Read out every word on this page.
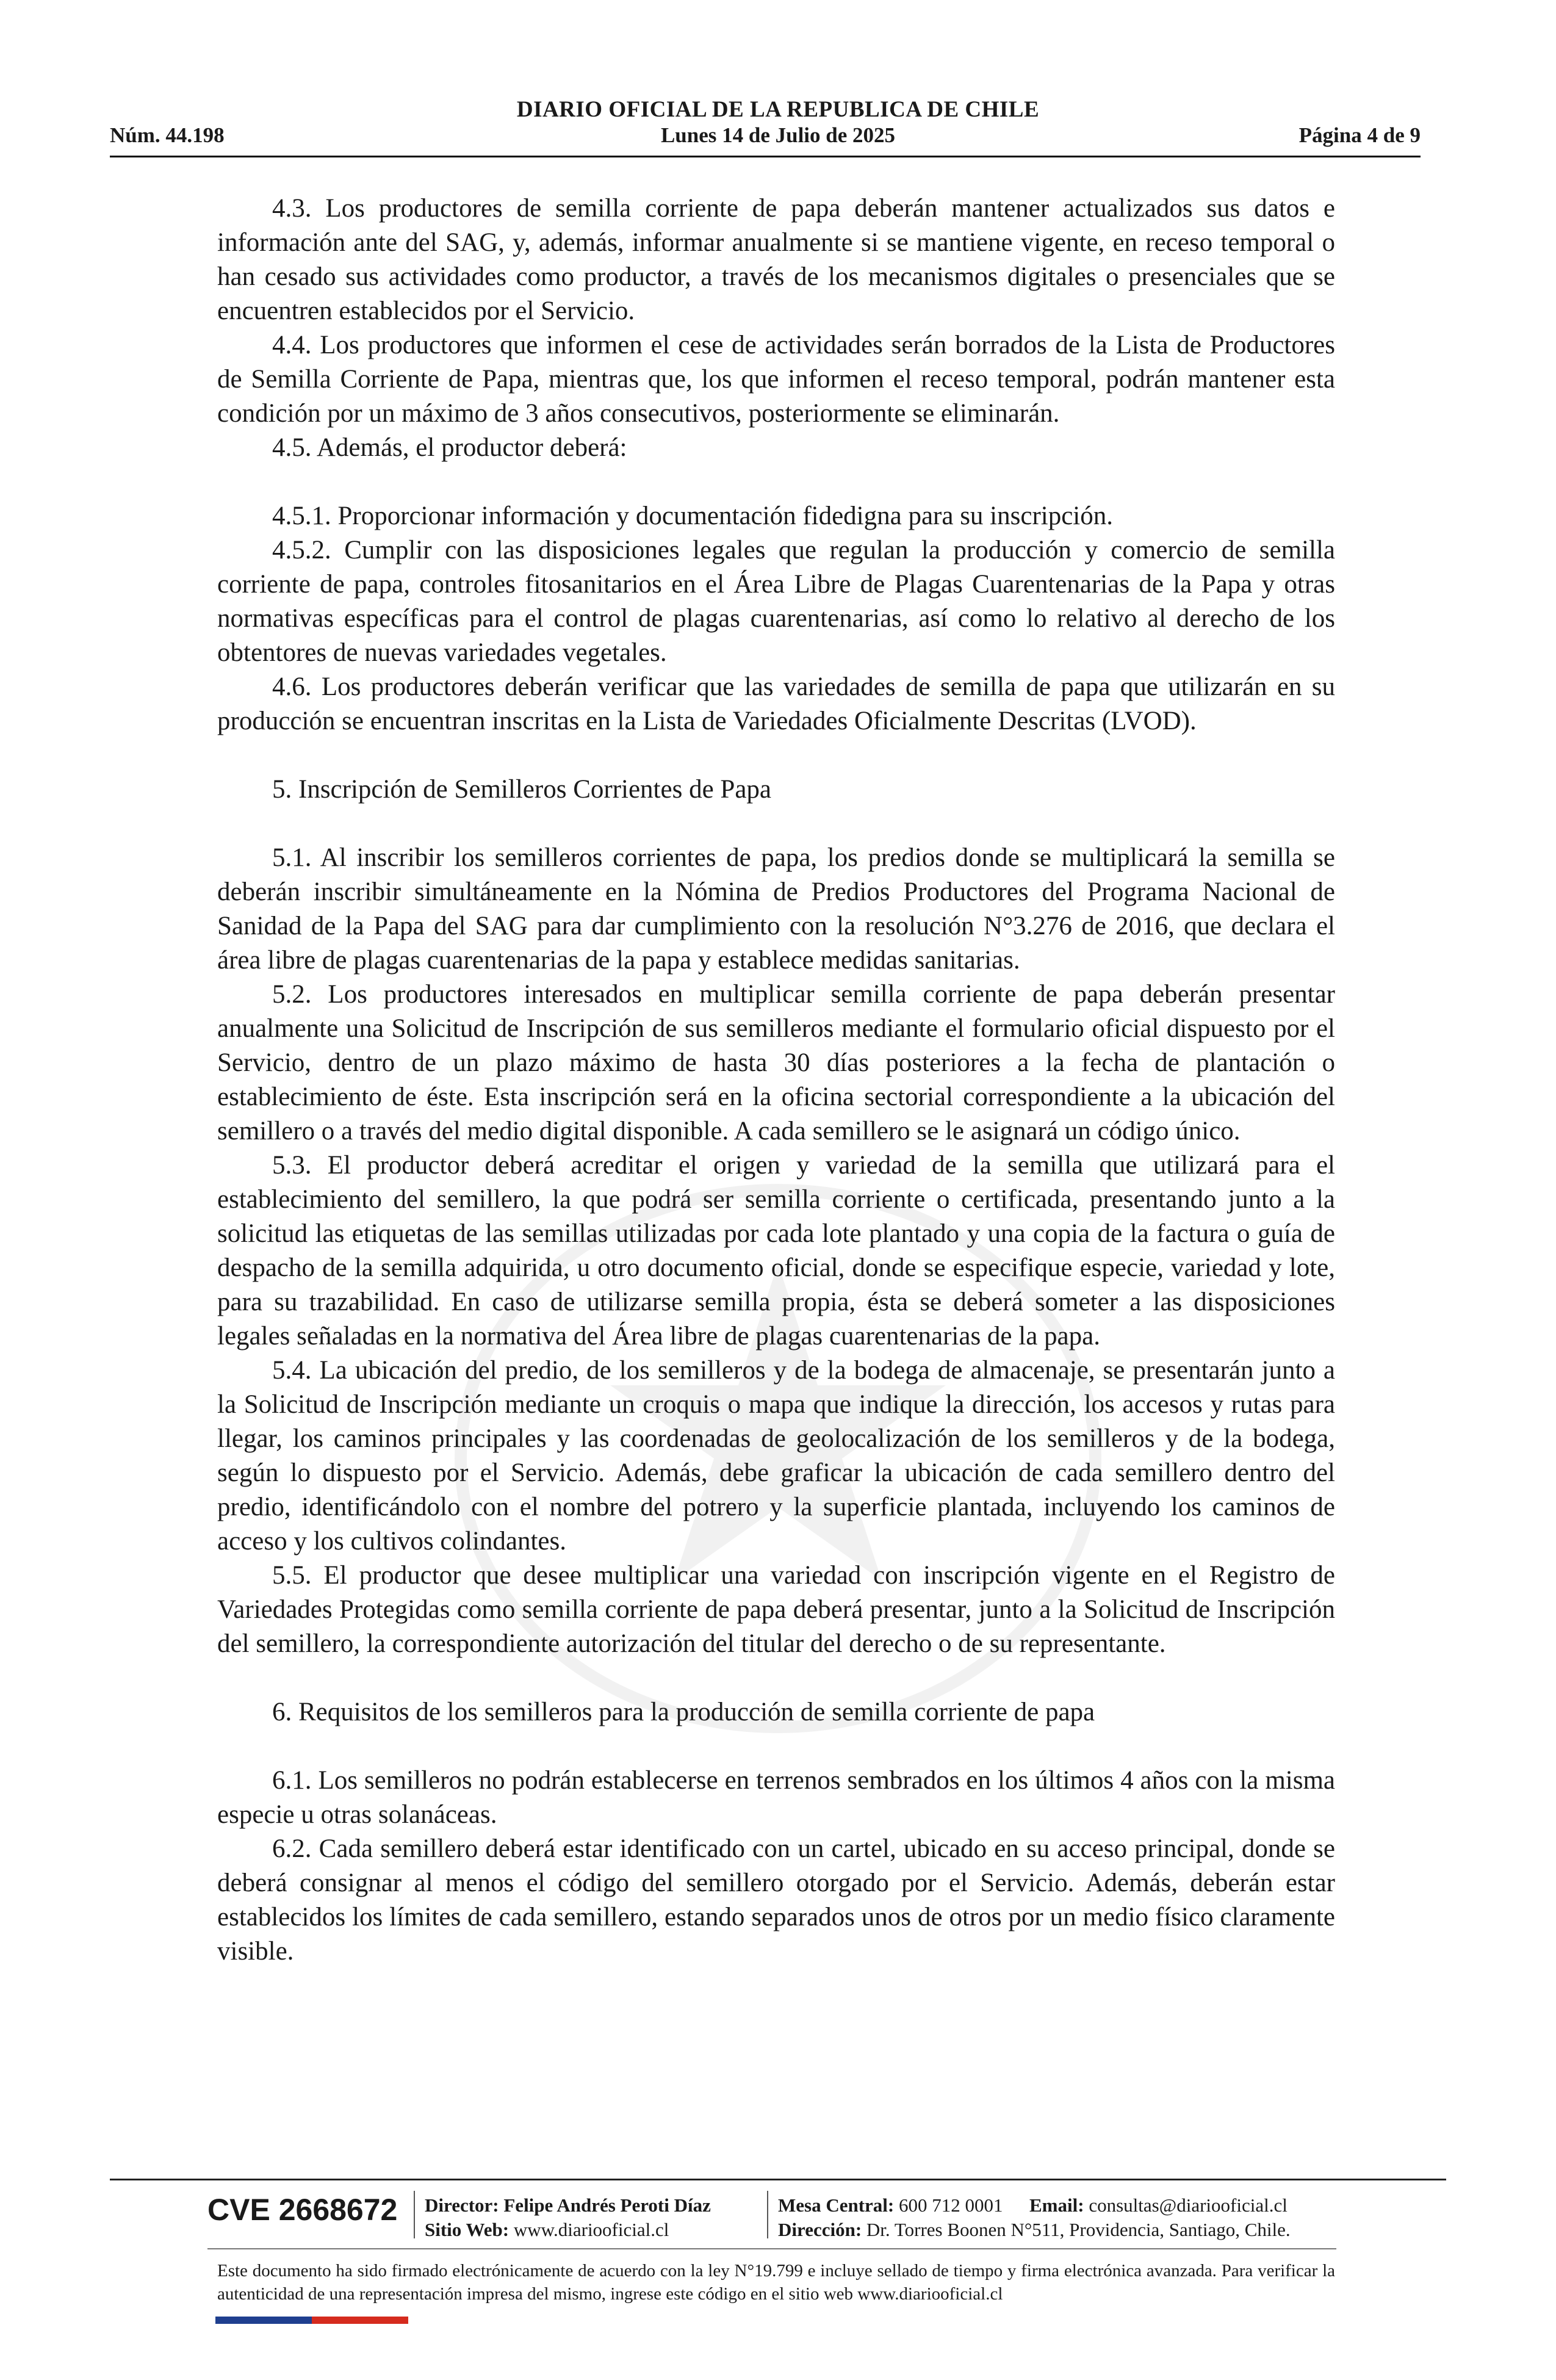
DIARIO OFICIAL DE LA REPUBLICA DE CHILE
Núm. 44.198	Lunes 14 de Julio de 2025	Página 4 de 9

4.3. Los productores de semilla corriente de papa deberán mantener actualizados sus datos e información ante del SAG, y, además, informar anualmente si se mantiene vigente, en receso temporal o han cesado sus actividades como productor, a través de los mecanismos digitales o presenciales que se encuentren establecidos por el Servicio.

4.4. Los productores que informen el cese de actividades serán borrados de la Lista de Productores de Semilla Corriente de Papa, mientras que, los que informen el receso temporal, podrán mantener esta condición por un máximo de 3 años consecutivos, posteriormente se eliminarán.

4.5. Además, el productor deberá:

4.5.1. Proporcionar información y documentación fidedigna para su inscripción.

4.5.2. Cumplir con las disposiciones legales que regulan la producción y comercio de semilla corriente de papa, controles fitosanitarios en el Área Libre de Plagas Cuarentenarias de la Papa y otras normativas específicas para el control de plagas cuarentenarias, así como lo relativo al derecho de los obtentores de nuevas variedades vegetales.

4.6. Los productores deberán verificar que las variedades de semilla de papa que utilizarán en su producción se encuentran inscritas en la Lista de Variedades Oficialmente Descritas (LVOD).

5. Inscripción de Semilleros Corrientes de Papa

5.1. Al inscribir los semilleros corrientes de papa, los predios donde se multiplicará la semilla se deberán inscribir simultáneamente en la Nómina de Predios Productores del Programa Nacional de Sanidad de la Papa del SAG para dar cumplimiento con la resolución N°3.276 de 2016, que declara el área libre de plagas cuarentenarias de la papa y establece medidas sanitarias.

5.2. Los productores interesados en multiplicar semilla corriente de papa deberán presentar anualmente una Solicitud de Inscripción de sus semilleros mediante el formulario oficial dispuesto por el Servicio, dentro de un plazo máximo de hasta 30 días posteriores a la fecha de plantación o establecimiento de éste. Esta inscripción será en la oficina sectorial correspondiente a la ubicación del semillero o a través del medio digital disponible. A cada semillero se le asignará un código único.

5.3. El productor deberá acreditar el origen y variedad de la semilla que utilizará para el establecimiento del semillero, la que podrá ser semilla corriente o certificada, presentando junto a la solicitud las etiquetas de las semillas utilizadas por cada lote plantado y una copia de la factura o guía de despacho de la semilla adquirida, u otro documento oficial, donde se especifique especie, variedad y lote, para su trazabilidad. En caso de utilizarse semilla propia, ésta se deberá someter a las disposiciones legales señaladas en la normativa del Área libre de plagas cuarentenarias de la papa.

5.4. La ubicación del predio, de los semilleros y de la bodega de almacenaje, se presentarán junto a la Solicitud de Inscripción mediante un croquis o mapa que indique la dirección, los accesos y rutas para llegar, los caminos principales y las coordenadas de geolocalización de los semilleros y de la bodega, según lo dispuesto por el Servicio. Además, debe graficar la ubicación de cada semillero dentro del predio, identificándolo con el nombre del potrero y la superficie plantada, incluyendo los caminos de acceso y los cultivos colindantes.

5.5. El productor que desee multiplicar una variedad con inscripción vigente en el Registro de Variedades Protegidas como semilla corriente de papa deberá presentar, junto a la Solicitud de Inscripción del semillero, la correspondiente autorización del titular del derecho o de su representante.

6. Requisitos de los semilleros para la producción de semilla corriente de papa

6.1. Los semilleros no podrán establecerse en terrenos sembrados en los últimos 4 años con la misma especie u otras solanáceas.

6.2. Cada semillero deberá estar identificado con un cartel, ubicado en su acceso principal, donde se deberá consignar al menos el código del semillero otorgado por el Servicio. Además, deberán estar establecidos los límites de cada semillero, estando separados unos de otros por un medio físico claramente visible.

CVE 2668672 Director: Felipe Andrés Peroti Díaz
Sitio Web: www.diariooficial.cl
Mesa Central: 600 712 0001 Email: consultas@diariooficial.cl
Dirección: Dr. Torres Boonen N°511, Providencia, Santiago, Chile.
Este documento ha sido firmado electrónicamente de acuerdo con la ley N°19.799 e incluye sellado de tiempo y firma electrónica avanzada. Para verificar la autenticidad de una representación impresa del mismo, ingrese este código en el sitio web www.diariooficial.cl
